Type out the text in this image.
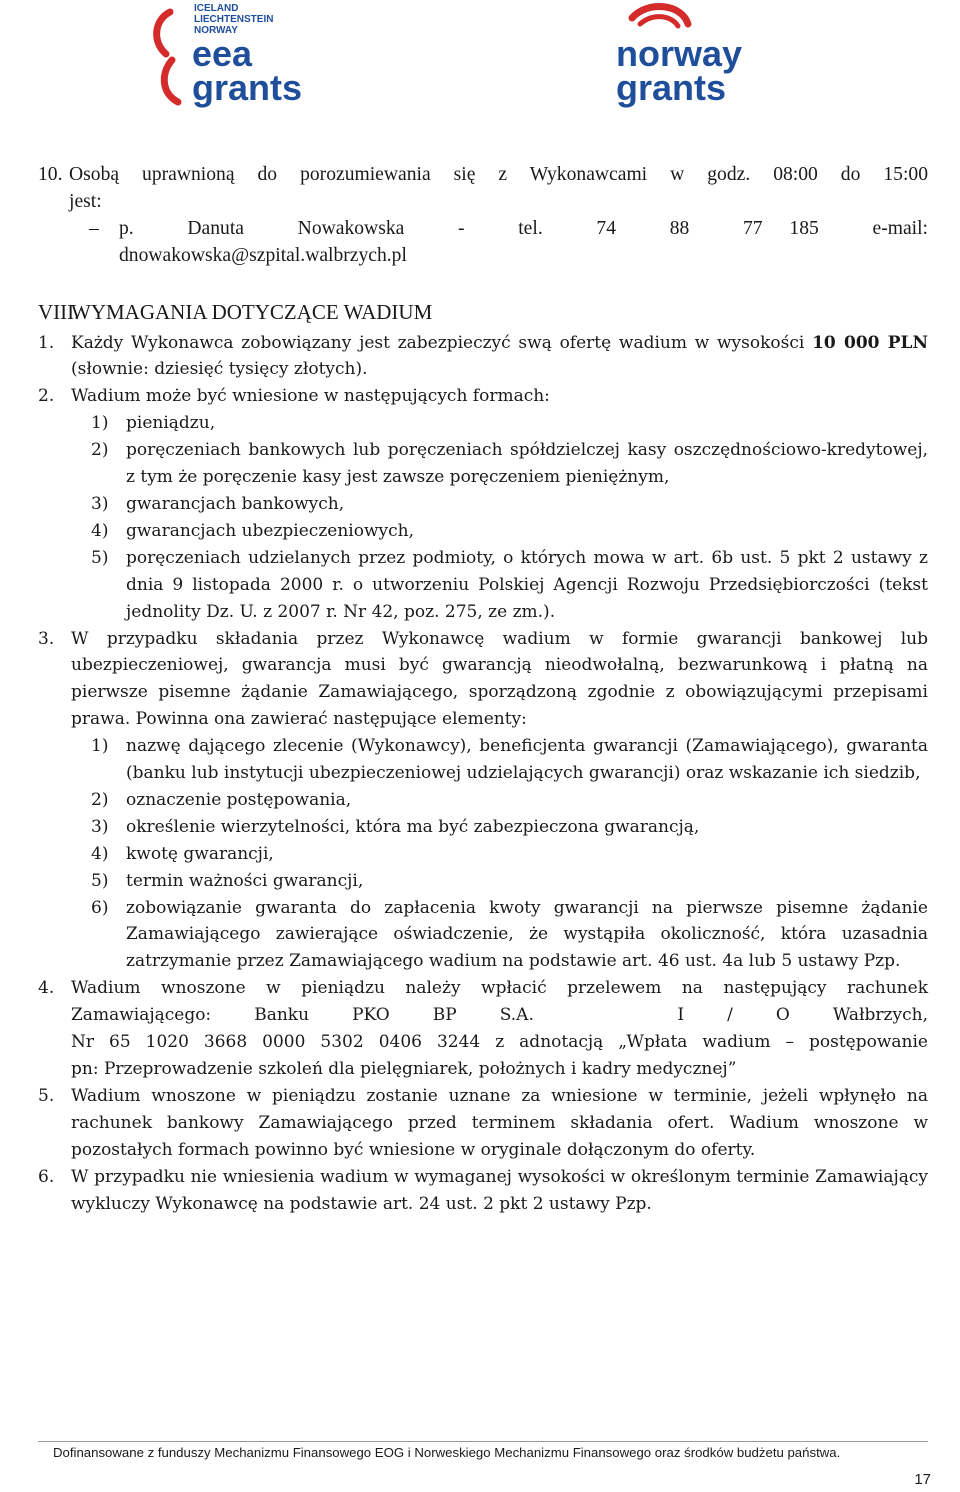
ICELAND
LIECHTENSTEIN
NORWAY
eea
grants
norway
grants
10. Osobą uprawnioną do porozumiewania się z Wykonawcami w godz. 08:00 do 15:00
jest:
– p.  Danuta  Nowakowska  -  tel.  74  88  77 185  e-mail:
dnowakowska@szpital.walbrzych.pl
VIII.
WYMAGANIA DOTYCZĄCE WADIUM
1. Każdy Wykonawca zobowiązany jest zabezpieczyć swą ofertę wadium w wysokości 10 000 PLN (słownie: dziesięć tysięcy złotych).
2. Wadium może być wniesione w następujących formach:
1) pieniądzu,
2) poręczeniach bankowych lub poręczeniach spółdzielczej kasy oszczędnościowo-kredytowej, z tym że poręczenie kasy jest zawsze poręczeniem pieniężnym,
3) gwarancjach bankowych,
4) gwarancjach ubezpieczeniowych,
5) poręczeniach udzielanych przez podmioty, o których mowa w art. 6b ust. 5 pkt 2 ustawy z dnia 9 listopada 2000 r. o utworzeniu Polskiej Agencji Rozwoju Przedsiębiorczości (tekst jednolity Dz. U. z 2007 r. Nr 42, poz. 275, ze zm.).
3. W przypadku składania przez Wykonawcę wadium w formie gwarancji bankowej lub ubezpieczeniowej, gwarancja musi być gwarancją nieodwołalną, bezwarunkową i płatną na pierwsze pisemne żądanie Zamawiającego, sporządzoną zgodnie z obowiązującymi przepisami prawa. Powinna ona zawierać następujące elementy:
1) nazwę dającego zlecenie (Wykonawcy), beneficjenta gwarancji (Zamawiającego), gwaranta (banku lub instytucji ubezpieczeniowej udzielających gwarancji) oraz wskazanie ich siedzib,
2) oznaczenie postępowania,
3) określenie wierzytelności, która ma być zabezpieczona gwarancją,
4) kwotę gwarancji,
5) termin ważności gwarancji,
6) zobowiązanie gwaranta do zapłacenia kwoty gwarancji na pierwsze pisemne żądanie Zamawiającego zawierające oświadczenie, że wystąpiła okoliczność, która uzasadnia zatrzymanie przez Zamawiającego wadium na podstawie art. 46 ust. 4a lub 5 ustawy Pzp.
4. Wadium wnoszone w pieniądzu należy wpłacić przelewem na następujący rachunek
Zamawiającego:   Banku   PKO   BP   S.A.          I   /   O   Wałbrzych,
Nr 65 1020 3668 0000 5302 0406 3244 z adnotacją „Wpłata wadium – postępowanie
pn: Przeprowadzenie szkoleń dla pielęgniarek, położnych i kadry medycznej”
5. Wadium wnoszone w pieniądzu zostanie uznane za wniesione w terminie, jeżeli wpłynęło na rachunek bankowy Zamawiającego przed terminem składania ofert. Wadium wnoszone w pozostałych formach powinno być wniesione w oryginale dołączonym do oferty.
6. W przypadku nie wniesienia wadium w wymaganej wysokości w określonym terminie Zamawiający wykluczy Wykonawcę na podstawie art. 24 ust. 2 pkt 2 ustawy Pzp.
Dofinansowane z funduszy Mechanizmu Finansowego EOG i Norweskiego Mechanizmu Finansowego oraz środków budżetu państwa.
17
